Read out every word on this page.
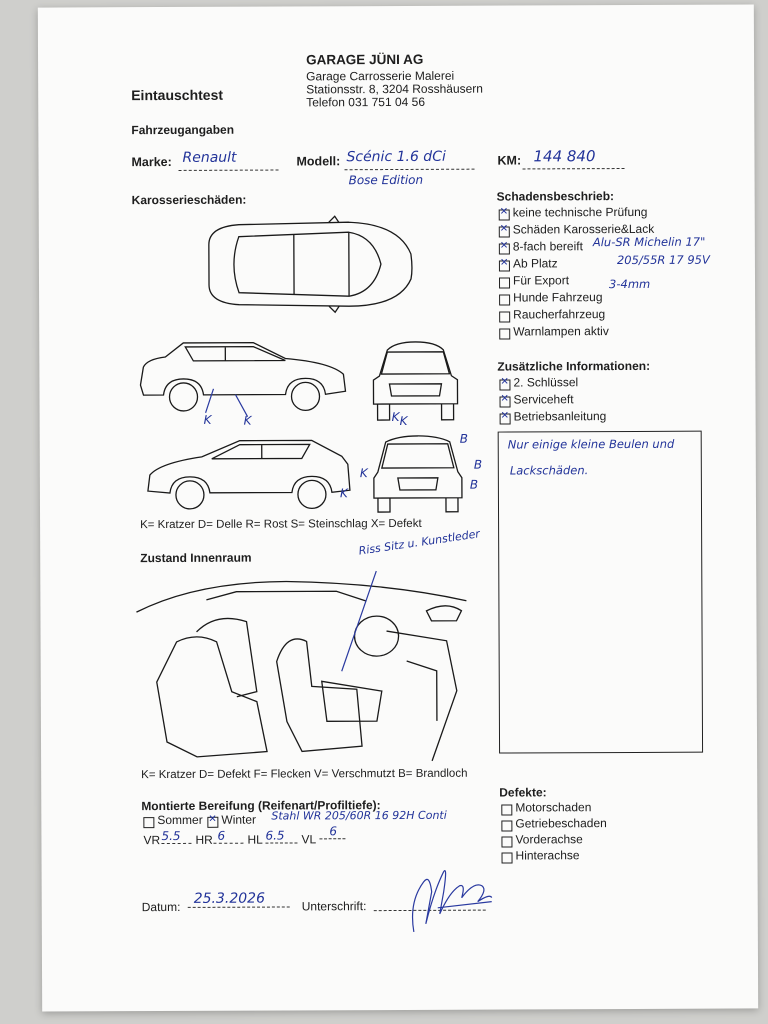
GARAGE JÜNI AG
Garage Carrosserie Malerei
Stationsstr. 8, 3204 Rosshäusern
Telefon 031 751 04 56
Eintauschtest
Fahrzeugangaben
Marke: Renault	Modell: Scénic 1.6 dCi
Bose Edition
KM: 144 840
Karosserieschäden:
K	K	K
K
K
B
B
B
K
K= Kratzer D= Delle R= Rost S= Steinschlag X= Defekt
Zustand Innenraum
Riss Sitz u. Kunstleder
K= Kratzer D= Defekt F= Flecken V= Verschmutzt B= Brandloch
Montierte Bereifung (Reifenart/Profiltiefe):
Sommer
✕ Winter Stahl WR 205/60R 16 92H Conti
VR 5.5	HR 6	HL 6.5	VL
6
Datum:
25.3.2026	Unterschrift:
Schadensbeschrieb:
✕
keine technische Prüfung
✕
Schäden Karosserie&Lack
✕
8-fach bereift
✕
Ab Platz
Für Export
Hunde Fahrzeug
Raucherfahrzeug
Warnlampen aktiv
Alu-SR Michelin 17"
205/55R 17 95V
3-4mm
Zusätzliche Informationen:
✕
2. Schlüssel
✕
Serviceheft
✕
Betriebsanleitung
Nur einige kleine Beulen und
Lackschäden.
Defekte:
Motorschaden
Getriebeschaden
Vorderachse
Hinterachse
